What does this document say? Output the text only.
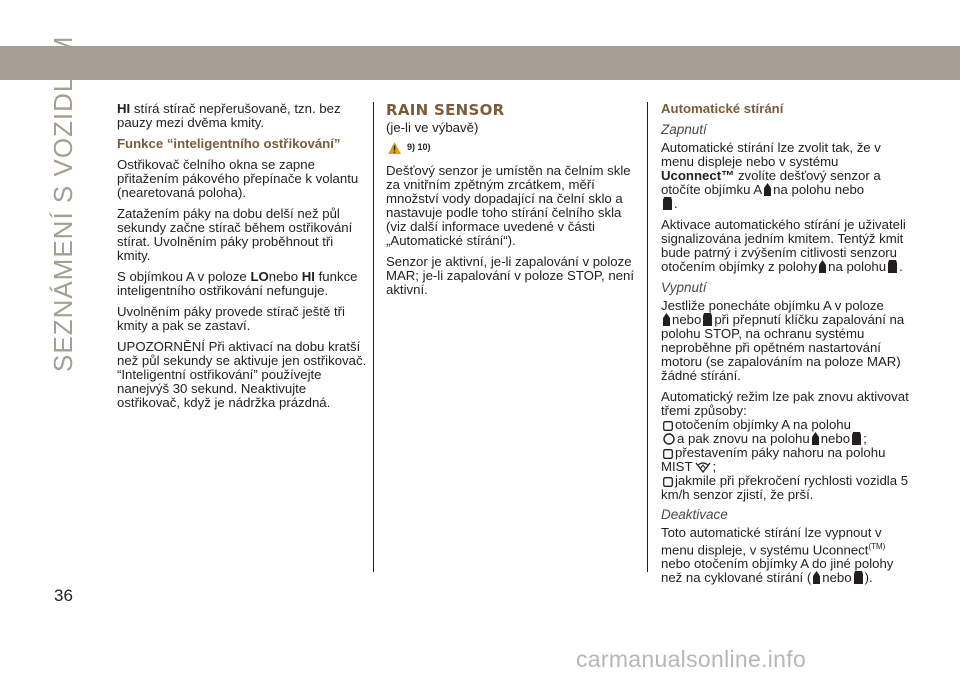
SEZNÁMENÍ S VOZIDLEM	HI stírá stírač nepřerušovaně, tzn. bez pauzy mezi dvěma kmity.

Funkce “inteligentního ostřikování”

Ostřikovač čelního okna se zapne přitažením pákového přepínače k volantu (nearetovaná poloha).

Zatažením páky na dobu delší než půl sekundy začne stírač během ostřikování stírat. Uvolněním páky proběhnout tři kmity.

S objímkou A v poloze LOnebo HI funkce inteligentního ostřikování nefunguje.

Uvolněním páky provede stírač ještě tři kmity a pak se zastaví.

UPOZORNĚNÍ Při aktivací na dobu kratší než půl sekundy se aktivuje jen ostřikovač. “Inteligentní ostřikování” používejte nanejvýš 30 sekund. Neaktivujte ostřikovač, když je nádržka prázdná.

RAIN SENSOR

(je-li ve výbavě)

9) 10)

Dešťový senzor je umístěn na čelním skle za vnitřním zpětným zrcátkem, měří množství vody dopadající na čelní sklo a nastavuje podle toho stírání čelního skla (viz další informace uvedené v části „Automatické stírání“).

Senzor je aktivní, je-li zapalování v poloze MAR; je-li zapalování v poloze STOP, není aktivní.

Automatické stírání

Zapnutí

Automatické stírání lze zvolit tak, že v menu displeje nebo v systému Uconnect™ zvolíte dešťový senzor a otočíte objímku A na polohu nebo
.

Aktivace automatického stírání je uživateli signalizována jedním kmitem. Tentýž kmit bude patrný i zvýšením citlivosti senzoru otočením objímky z polohy na polohu .

Vypnutí

Jestliže ponecháte objímku A v poloze
nebo při přepnutí klíčku zapalování na polohu STOP, na ochranu systému neproběhne při opětném nastartování motoru (se zapalováním na poloze MAR) žádné stírání.

Automatický režim lze pak znovu aktivovat třemi způsoby:
otočením objímky A na polohu
a pak znovu na polohu nebo ;
přestavením páky nahoru na polohu MIST ;
jakmile při překročení rychlosti vozidla 5 km/h senzor zjistí, že prší.

Deaktivace

Toto automatické stírání lze vypnout v menu displeje, v systému Uconnect$^{(TM)}$ nebo otočením objímky A do jiné polohy než na cyklované stírání ( nebo ).

36
carmanualsonline.info
